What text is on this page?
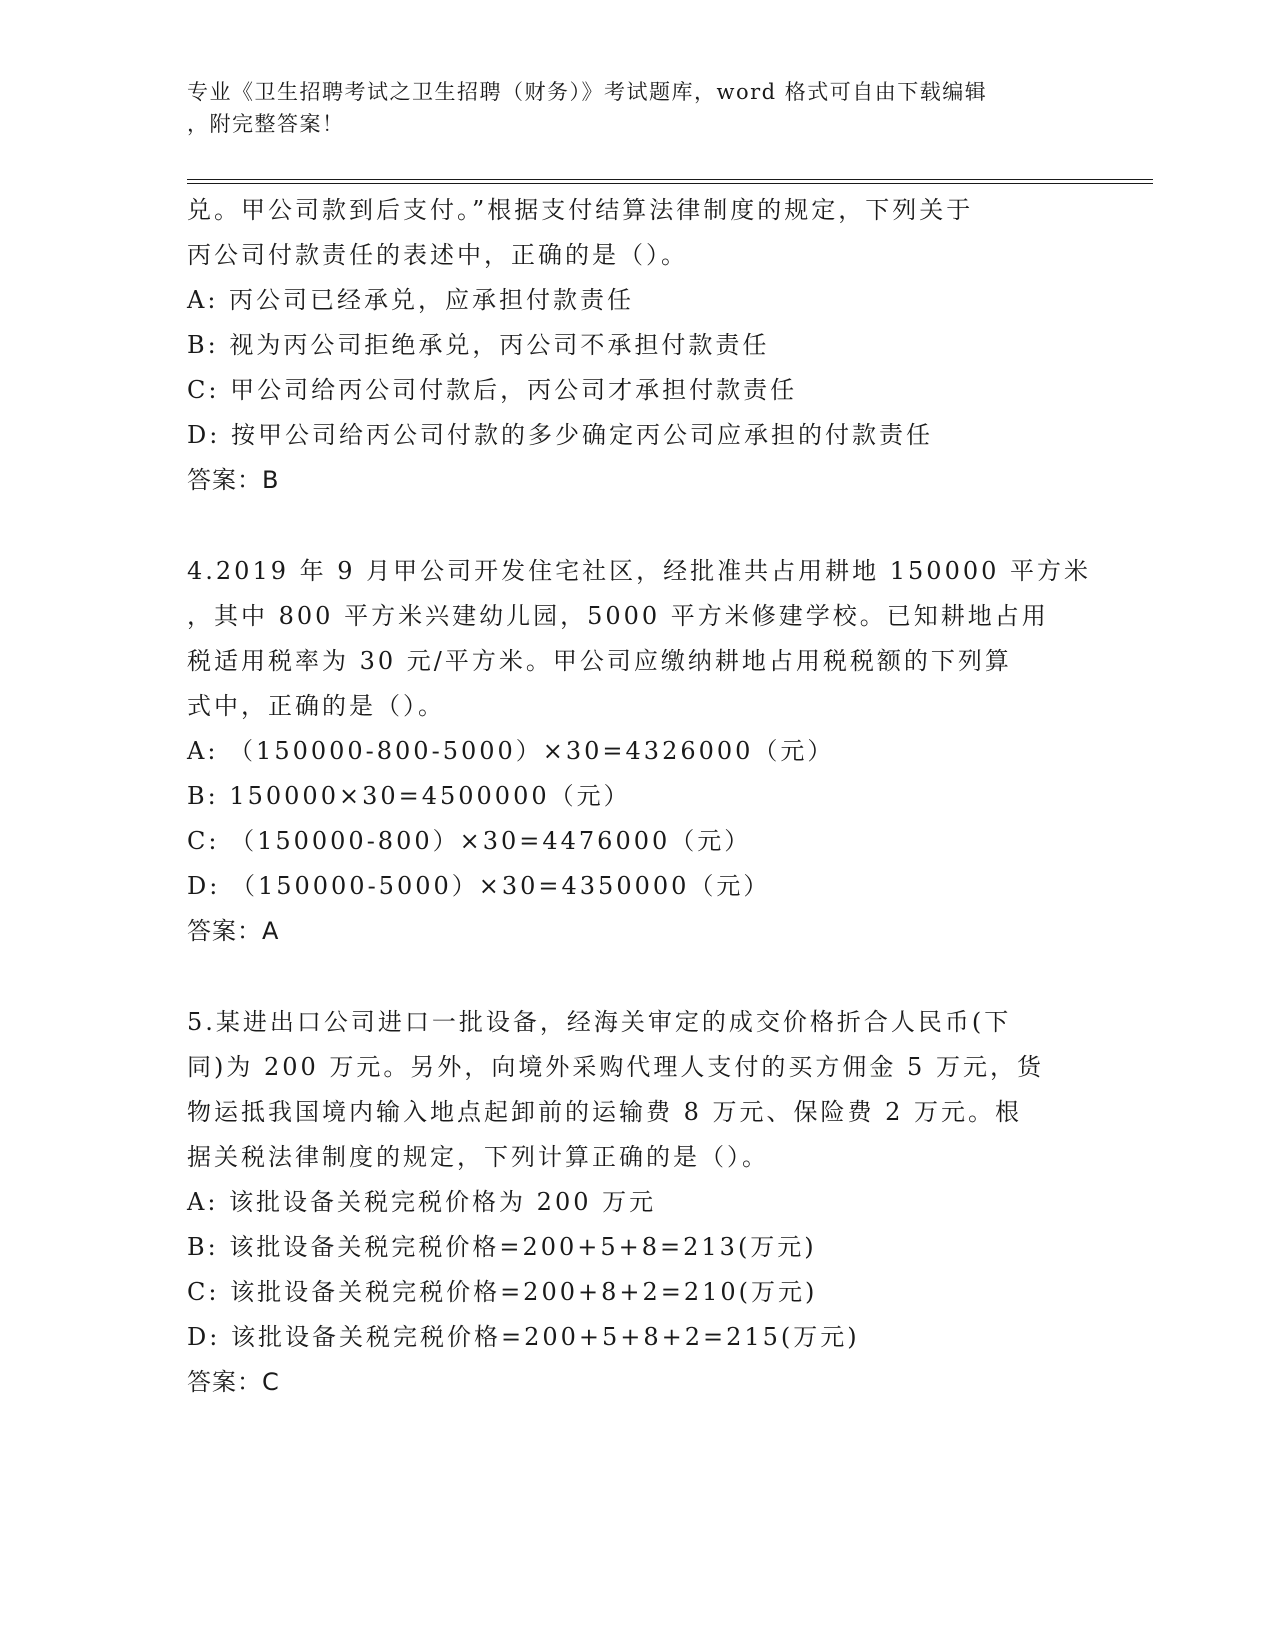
专业《卫生招聘考试之卫生招聘（财务）》考试题库，word 格式可自由下载编辑
，附完整答案！
兑。甲公司款到后支付。”根据支付结算法律制度的规定，下列关于
丙公司付款责任的表述中，正确的是（）。
A: 丙公司已经承兑，应承担付款责任
B: 视为丙公司拒绝承兑，丙公司不承担付款责任
C: 甲公司给丙公司付款后，丙公司才承担付款责任
D: 按甲公司给丙公司付款的多少确定丙公司应承担的付款责任
答案：B
4.2019 年 9 月甲公司开发住宅社区，经批准共占用耕地 150000 平方米
，其中 800 平方米兴建幼儿园，5000 平方米修建学校。已知耕地占用
税适用税率为 30 元/平方米。甲公司应缴纳耕地占用税税额的下列算
式中，正确的是（）。
A: （150000-800-5000）×30=4326000（元）
B: 150000×30=4500000（元）
C: （150000-800）×30=4476000（元）
D: （150000-5000）×30=4350000（元）
答案：A
5.某进出口公司进口一批设备，经海关审定的成交价格折合人民币(下
同)为 200 万元。另外，向境外采购代理人支付的买方佣金 5 万元，货
物运抵我国境内输入地点起卸前的运输费 8 万元、保险费 2 万元。根
据关税法律制度的规定，下列计算正确的是（）。
A: 该批设备关税完税价格为 200 万元
B: 该批设备关税完税价格=200+5+8=213(万元)
C: 该批设备关税完税价格=200+8+2=210(万元)
D: 该批设备关税完税价格=200+5+8+2=215(万元)
答案：C
